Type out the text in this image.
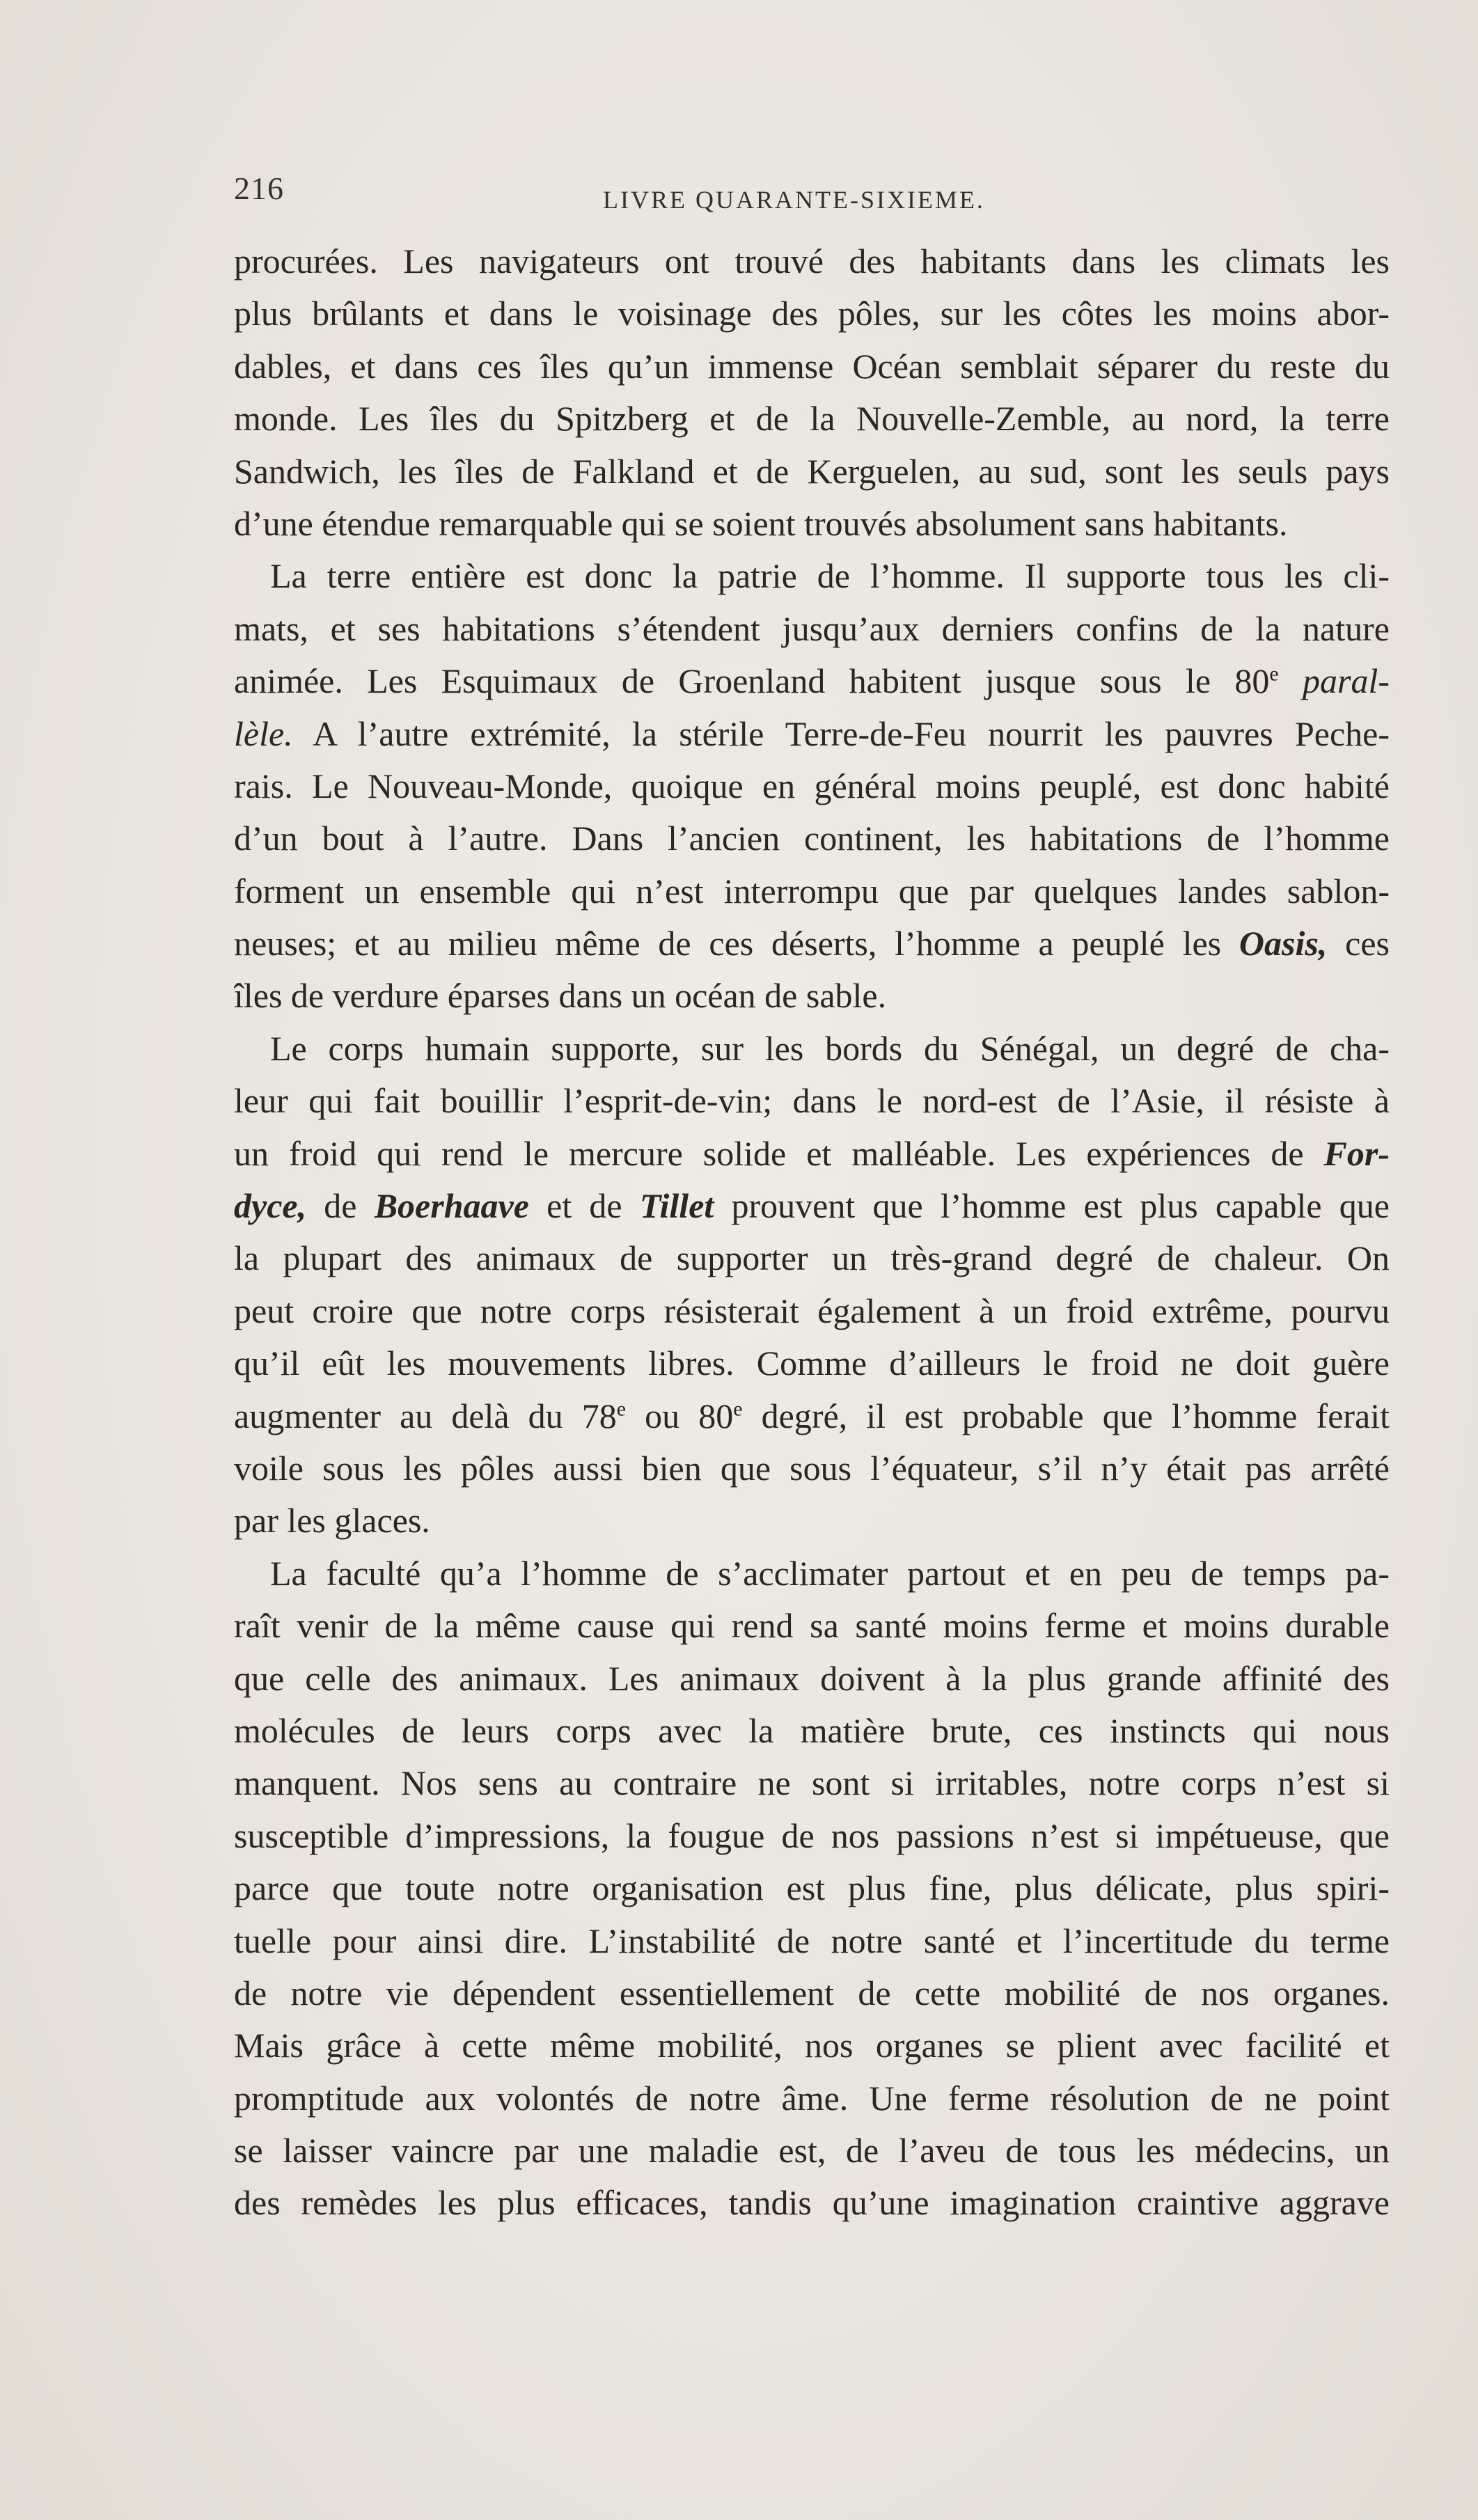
216	LIVRE QUARANTE-SIXIEME.
procurées. Les navigateurs ont trouvé des habitants dans les climats les
plus brûlants et dans le voisinage des pôles, sur les côtes les moins abor-
dables, et dans ces îles qu’un immense Océan semblait séparer du reste du
monde. Les îles du Spitzberg et de la Nouvelle-Zemble, au nord, la terre
Sandwich, les îles de Falkland et de Kerguelen, au sud, sont les seuls pays
d’une étendue remarquable qui se soient trouvés absolument sans habitants.
La terre entière est donc la patrie de l’homme. Il supporte tous les cli-
mats, et ses habitations s’étendent jusqu’aux derniers confins de la nature
animée. Les Esquimaux de Groenland habitent jusque sous le 80e paral-
lèle. A l’autre extrémité, la stérile Terre-de-Feu nourrit les pauvres Peche-
rais. Le Nouveau-Monde, quoique en général moins peuplé, est donc habité
d’un bout à l’autre. Dans l’ancien continent, les habitations de l’homme
forment un ensemble qui n’est interrompu que par quelques landes sablon-
neuses; et au milieu même de ces déserts, l’homme a peuplé les Oasis, ces
îles de verdure éparses dans un océan de sable.
Le corps humain supporte, sur les bords du Sénégal, un degré de cha-
leur qui fait bouillir l’esprit-de-vin; dans le nord-est de l’Asie, il résiste à
un froid qui rend le mercure solide et malléable. Les expériences de For-
dyce, de Boerhaave et de Tillet prouvent que l’homme est plus capable que
la plupart des animaux de supporter un très-grand degré de chaleur. On
peut croire que notre corps résisterait également à un froid extrême, pourvu
qu’il eût les mouvements libres. Comme d’ailleurs le froid ne doit guère
augmenter au delà du 78e ou 80e degré, il est probable que l’homme ferait
voile sous les pôles aussi bien que sous l’équateur, s’il n’y était pas arrêté
par les glaces.
La faculté qu’a l’homme de s’acclimater partout et en peu de temps pa-
raît venir de la même cause qui rend sa santé moins ferme et moins durable
que celle des animaux. Les animaux doivent à la plus grande affinité des
molécules de leurs corps avec la matière brute, ces instincts qui nous
manquent. Nos sens au contraire ne sont si irritables, notre corps n’est si
susceptible d’impressions, la fougue de nos passions n’est si impétueuse, que
parce que toute notre organisation est plus fine, plus délicate, plus spiri-
tuelle pour ainsi dire. L’instabilité de notre santé et l’incertitude du terme
de notre vie dépendent essentiellement de cette mobilité de nos organes.
Mais grâce à cette même mobilité, nos organes se plient avec facilité et
promptitude aux volontés de notre âme. Une ferme résolution de ne point
se laisser vaincre par une maladie est, de l’aveu de tous les médecins, un
des remèdes les plus efficaces, tandis qu’une imagination craintive aggrave
